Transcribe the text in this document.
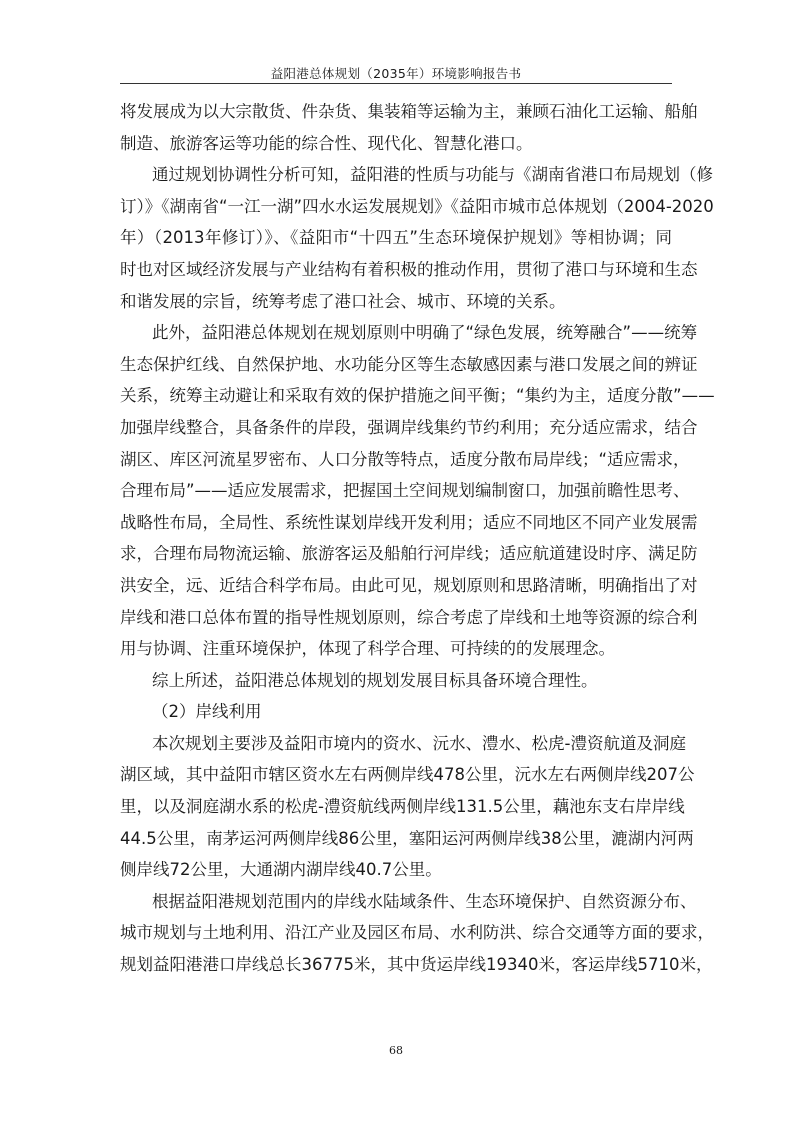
益阳港总体规划（2035年）环境影响报告书
将发展成为以大宗散货、件杂货、集装箱等运输为主，兼顾石油化工运输、船舶
制造、旅游客运等功能的综合性、现代化、智慧化港口。
通过规划协调性分析可知，益阳港的性质与功能与《湖南省港口布局规划（修
订）》《湖南省“一江一湖”四水水运发展规划》《益阳市城市总体规划（2004-2020
年）（2013年修订）》、《益阳市“十四五”生态环境保护规划》等相协调；同
时也对区域经济发展与产业结构有着积极的推动作用，贯彻了港口与环境和生态
和谐发展的宗旨，统筹考虑了港口社会、城市、环境的关系。
此外，益阳港总体规划在规划原则中明确了“绿色发展，统筹融合”——统筹
生态保护红线、自然保护地、水功能分区等生态敏感因素与港口发展之间的辨证
关系，统筹主动避让和采取有效的保护措施之间平衡；“集约为主，适度分散”——
加强岸线整合，具备条件的岸段，强调岸线集约节约利用；充分适应需求，结合
湖区、库区河流星罗密布、人口分散等特点，适度分散布局岸线；“适应需求，
合理布局”——适应发展需求，把握国土空间规划编制窗口，加强前瞻性思考、
战略性布局，全局性、系统性谋划岸线开发利用；适应不同地区不同产业发展需
求，合理布局物流运输、旅游客运及船舶行河岸线；适应航道建设时序、满足防
洪安全，远、近结合科学布局。由此可见，规划原则和思路清晰，明确指出了对
岸线和港口总体布置的指导性规划原则，综合考虑了岸线和土地等资源的综合利
用与协调、注重环境保护，体现了科学合理、可持续的的发展理念。
综上所述，益阳港总体规划的规划发展目标具备环境合理性。
（2）岸线利用
本次规划主要涉及益阳市境内的资水、沅水、澧水、松虎-澧资航道及洞庭
湖区域，其中益阳市辖区资水左右两侧岸线478公里，沅水左右两侧岸线207公
里，以及洞庭湖水系的松虎-澧资航线两侧岸线131.5公里，藕池东支右岸岸线
44.5公里，南茅运河两侧岸线86公里，塞阳运河两侧岸线38公里，漉湖内河两
侧岸线72公里，大通湖内湖岸线40.7公里。
根据益阳港规划范围内的岸线水陆域条件、生态环境保护、自然资源分布、
城市规划与土地利用、沿江产业及园区布局、水利防洪、综合交通等方面的要求，
规划益阳港港口岸线总长36775米，其中货运岸线19340米，客运岸线5710米，
68
